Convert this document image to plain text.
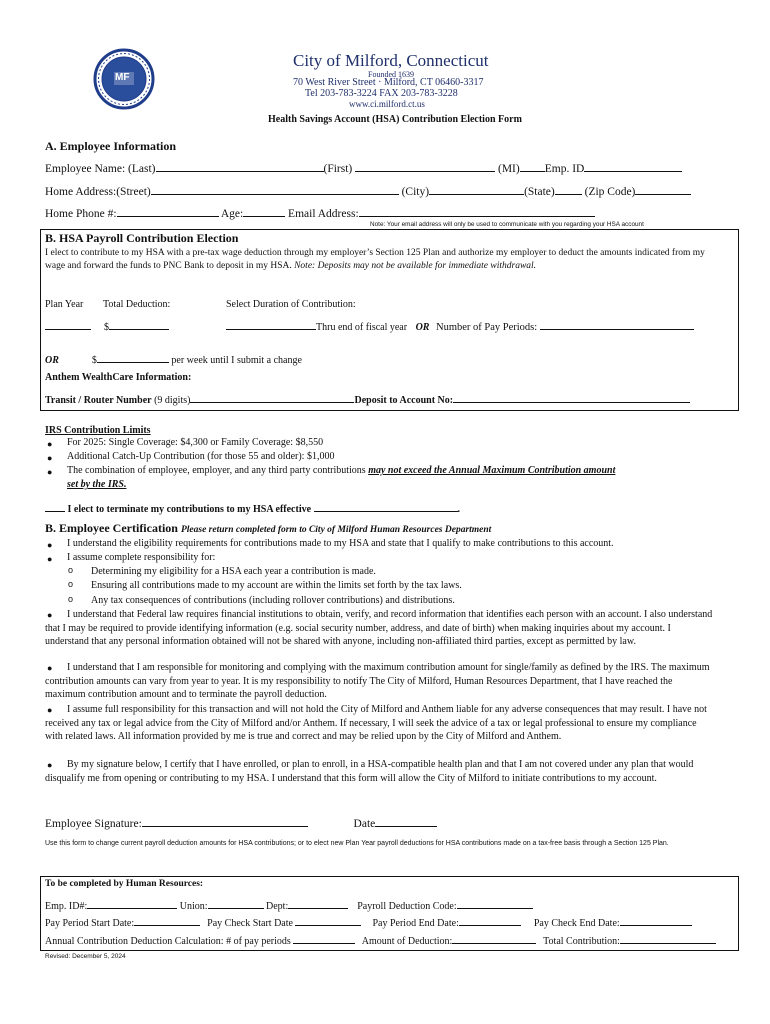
MF
City of Milford, Connecticut
Founded 1639
70 West River Street · Milford, CT 06460-3317
Tel 203-783-3224 FAX 203-783-3228
www.ci.milford.ct.us
Health Savings Account (HSA) Contribution Election Form
A. Employee Information
Employee Name: (Last)	(First)	(MI) Emp. ID
Home Address:(Street)	(City)	(State)	(Zip Code)
Home Phone #:	Age:	Email Address:
Note: Your email address will only be used to communicate with you regarding your HSA account
B. HSA Payroll Contribution Election
I elect to contribute to my HSA with a pre-tax wage deduction through my employer’s Section 125 Plan and authorize my employer to deduct the amounts indicated from my wage and forward the funds to PNC Bank to deposit in my HSA. Note: Deposits may not be available for immediate withdrawal.
Plan Year Total Deduction:	Select Duration of Contribution:
$	Thru end of fiscal year OR Number of Pay Periods:
OR	$	per week until I submit a change
Anthem WealthCare Information:
Transit / Router Number (9 digits)	Deposit to Account No:
IRS Contribution Limits
● For 2025: Single Coverage: $4,300 or Family Coverage: $8,550
● Additional Catch-Up Contribution (for those 55 and older): $1,000
● The combination of employee, employer, and any third party contributions may not exceed the Annual Maximum Contribution amount
set by the IRS.
I elect to terminate my contributions to my HSA effective	.
B. Employee Certification Please return completed form to City of Milford Human Resources Department
● I understand the eligibility requirements for contributions made to my HSA and state that I qualify to make contributions to this account.
● I assume complete responsibility for:
o Determining my eligibility for a HSA each year a contribution is made.
o Ensuring all contributions made to my account are within the limits set forth by the tax laws.
o Any tax consequences of contributions (including rollover contributions) and distributions.
●	I understand that Federal law requires financial institutions to obtain, verify, and record information that identifies each person with an account. I also understand that I may be required to provide identifying information (e.g. social security number, address, and date of birth) when making inquiries about my account. I understand that any personal information obtained will not be shared with anyone, including non-affiliated third parties, except as permitted by law.
●	I understand that I am responsible for monitoring and complying with the maximum contribution amount for single/family as defined by the IRS. The maximum contribution amounts can vary from year to year. It is my responsibility to notify The City of Milford, Human Resources Department, that I have reached the maximum contribution amount and to terminate the payroll deduction.
●	I assume full responsibility for this transaction and will not hold the City of Milford and Anthem liable for any adverse consequences that may result. I have not received any tax or legal advice from the City of Milford and/or Anthem. If necessary, I will seek the advice of a tax or legal professional to ensure my compliance with related laws. All information provided by me is true and correct and may be relied upon by the City of Milford and Anthem.
●	By my signature below, I certify that I have enrolled, or plan to enroll, in a HSA-compatible health plan and that I am not covered under any plan that would disqualify me from opening or contributing to my HSA. I understand that this form will allow the City of Milford to initiate contributions to my account.
Employee Signature:	Date
Use this form to change current payroll deduction amounts for HSA contributions; or to elect new Plan Year payroll deductions for HSA contributions made on a tax-free basis through a Section 125 Plan.
To be completed by Human Resources:
Emp. ID#:	Union:	Dept:	Payroll Deduction Code:
Pay Period Start Date:	Pay Check Start Date	Pay Period End Date:	Pay Check End Date:
Annual Contribution Deduction Calculation: # of pay periods	Amount of Deduction:	Total Contribution:
Revised: December 5, 2024
